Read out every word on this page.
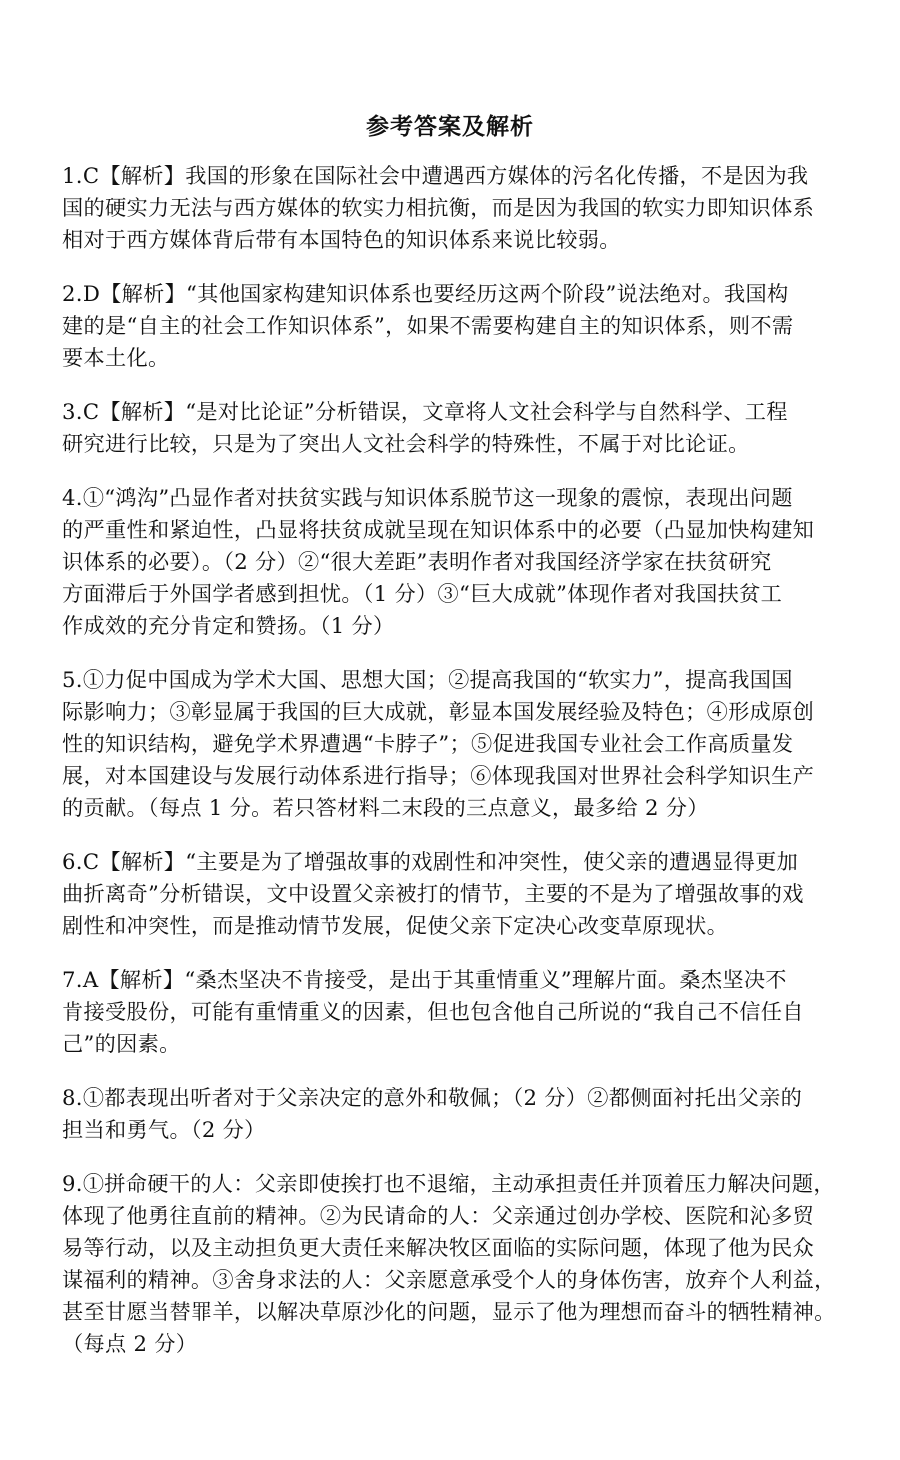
参考答案及解析
1.C【解析】我国的形象在国际社会中遭遇西方媒体的污名化传播，不是因为我
国的硬实力无法与西方媒体的软实力相抗衡，而是因为我国的软实力即知识体系
相对于西方媒体背后带有本国特色的知识体系来说比较弱。
2.D【解析】“其他国家构建知识体系也要经历这两个阶段”说法绝对。我国构
建的是“自主的社会工作知识体系”，如果不需要构建自主的知识体系，则不需
要本土化。
3.C【解析】“是对比论证”分析错误，文章将人文社会科学与自然科学、工程
研究进行比较，只是为了突出人文社会科学的特殊性，不属于对比论证。
4.①“鸿沟”凸显作者对扶贫实践与知识体系脱节这一现象的震惊，表现出问题
的严重性和紧迫性，凸显将扶贫成就呈现在知识体系中的必要（凸显加快构建知
识体系的必要）。（2 分）②“很大差距”表明作者对我国经济学家在扶贫研究
方面滞后于外国学者感到担忧。（1 分）③“巨大成就”体现作者对我国扶贫工
作成效的充分肯定和赞扬。（1 分）
5.①力促中国成为学术大国、思想大国；②提高我国的“软实力”，提高我国国
际影响力；③彰显属于我国的巨大成就，彰显本国发展经验及特色；④形成原创
性的知识结构，避免学术界遭遇“卡脖子”；⑤促进我国专业社会工作高质量发
展，对本国建设与发展行动体系进行指导；⑥体现我国对世界社会科学知识生产
的贡献。（每点 1 分。若只答材料二末段的三点意义，最多给 2 分）
6.C【解析】“主要是为了增强故事的戏剧性和冲突性，使父亲的遭遇显得更加
曲折离奇”分析错误，文中设置父亲被打的情节，主要的不是为了增强故事的戏
剧性和冲突性，而是推动情节发展，促使父亲下定决心改变草原现状。
7.A【解析】“桑杰坚决不肯接受，是出于其重情重义”理解片面。桑杰坚决不
肯接受股份，可能有重情重义的因素，但也包含他自己所说的“我自己不信任自
己”的因素。
8.①都表现出听者对于父亲决定的意外和敬佩；（2 分）②都侧面衬托出父亲的
担当和勇气。（2 分）
9.①拼命硬干的人：父亲即使挨打也不退缩，主动承担责任并顶着压力解决问题，
体现了他勇往直前的精神。②为民请命的人：父亲通过创办学校、医院和沁多贸
易等行动，以及主动担负更大责任来解决牧区面临的实际问题，体现了他为民众
谋福利的精神。③舍身求法的人：父亲愿意承受个人的身体伤害，放弃个人利益，
甚至甘愿当替罪羊，以解决草原沙化的问题，显示了他为理想而奋斗的牺牲精神。
（每点 2 分）
